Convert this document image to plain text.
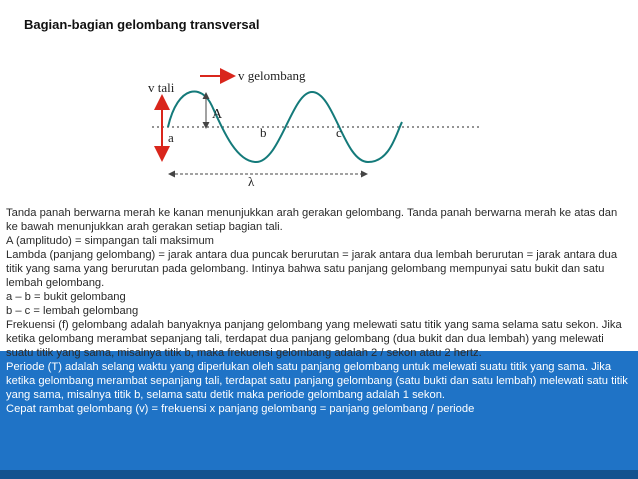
Bagian-bagian gelombang transversal
v gelombang
v tali
A
a	b	c
λ
Tanda panah berwarna merah ke kanan menunjukkan arah gerakan gelombang. Tanda panah berwarna merah ke atas dan ke bawah menunjukkan arah gerakan setiap bagian tali.
A (amplitudo) = simpangan tali maksimum
Lambda (panjang gelombang) = jarak antara dua puncak berurutan = jarak antara dua lembah berurutan = jarak antara dua titik yang sama yang berurutan pada gelombang. Intinya bahwa satu panjang gelombang mempunyai satu bukit dan satu lembah gelombang.
a – b = bukit gelombang
b – c = lembah gelombang
Frekuensi (f) gelombang adalah banyaknya panjang gelombang yang melewati satu titik yang sama selama satu sekon. Jika ketika gelombang merambat sepanjang tali, terdapat dua panjang gelombang (dua bukit dan dua lembah) yang melewati suatu titik yang sama, misalnya titik b, maka frekuensi gelombang adalah 2 / sekon atau 2 hertz.
Periode (T) adalah selang waktu yang diperlukan oleh satu panjang gelombang untuk melewati suatu titik yang sama. Jika ketika gelombang merambat sepanjang tali, terdapat satu panjang gelombang (satu bukti dan satu lembah) melewati satu titik yang sama, misalnya titik b, selama satu detik maka periode gelombang adalah 1 sekon.
Cepat rambat gelombang (v) = frekuensi x panjang gelombang = panjang gelombang / periode
